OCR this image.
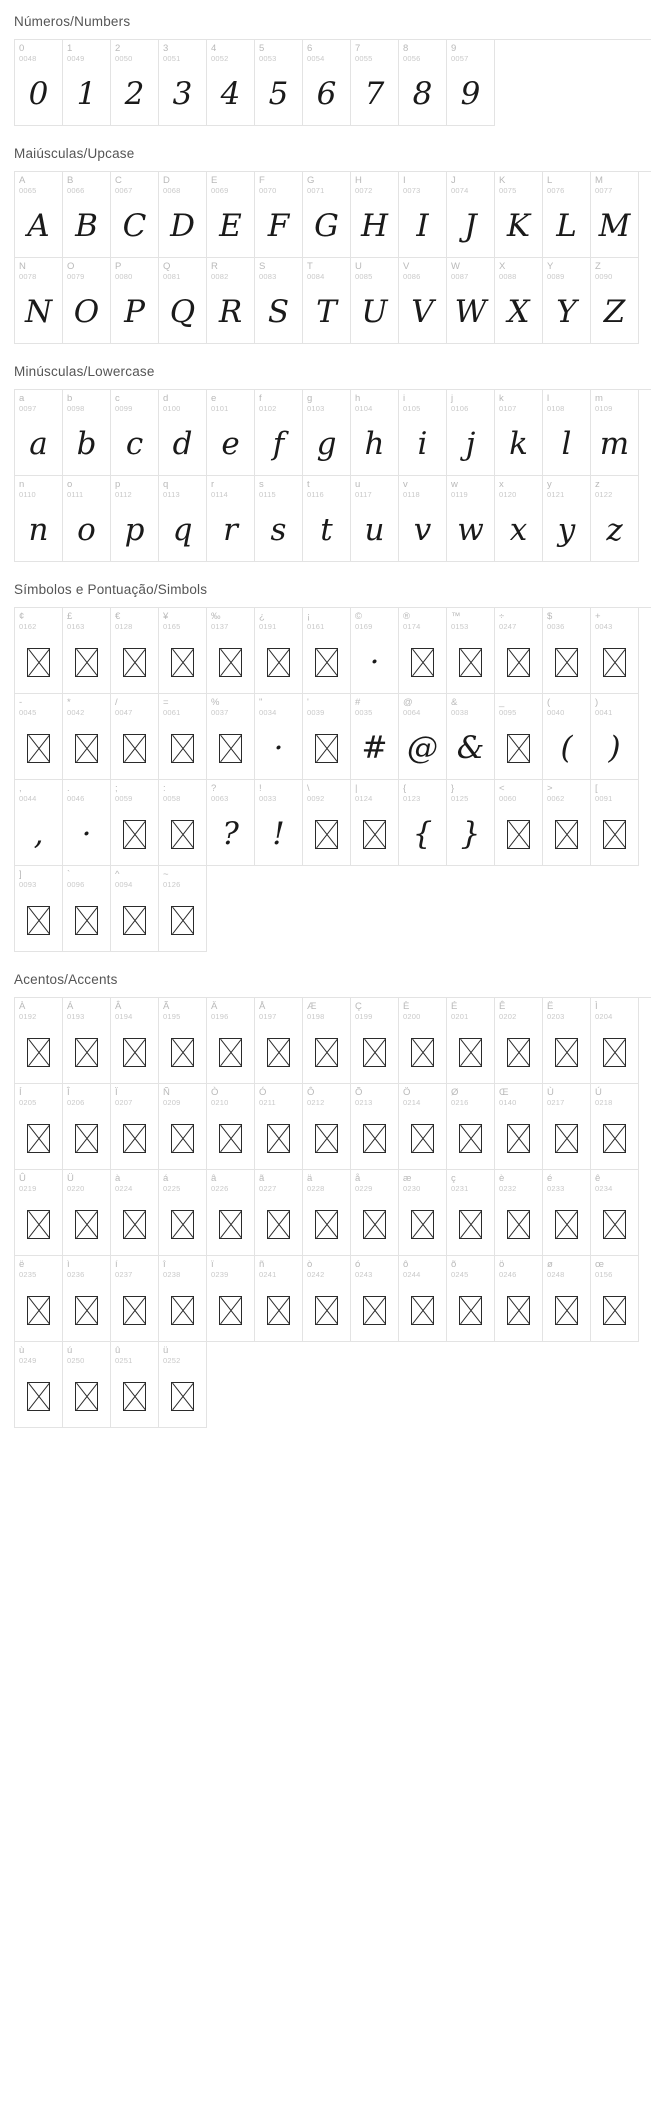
Números/Numbers
0
0048
0
1
0049
1
2
0050
2
3
0051
3
4
0052
4
5
0053
5
6
0054
6
7
0055
7
8
0056
8
9
0057
9
Maiúsculas/Upcase
A
0065
A
B
0066
B
C
0067
C
D
0068
D
E
0069
E
F
0070
F
G
0071
G
H
0072
H
I
0073
I
J
0074
J
K
0075
K
L
0076
L
M
0077
M
N
0078
N
O
0079
O
P
0080
P
Q
0081
Q
R
0082
R
S
0083
S
T
0084
T
U
0085
U
V
0086
V
W
0087
W
X
0088
X
Y
0089
Y
Z
0090
Z
Minúsculas/Lowercase
a
0097
a
b
0098
b
c
0099
c
d
0100
d
e
0101
e
f
0102
f
g
0103
g
h
0104
h
i
0105
i
j
0106
j
k
0107
k
l
0108
l
m
0109
m
n
0110
n
o
0111
o
p
0112
p
q
0113
q
r
0114
r
s
0115
s
t
0116
t
u
0117
u
v
0118
v
w
0119
w
x
0120
x
y
0121
y
z
0122
z
Símbolos e Pontuação/Simbols
¢
0162
£
0163
€
0128
¥
0165
‰
0137
¿
0191
¡
0161
©
0169
·
®
0174
™
0153
÷
0247
$
0036
+
0043
-
0045
*
0042
/
0047
=
0061
%
0037
"
0034
·
'
0039
#
0035
#
@
0064
@
&
0038
&
_
0095
(
0040
(
)
0041
)
,
0044
,
.
0046
·
;
0059
:
0058
?
0063
?
!
0033
!
\
0092
|
0124
{
0123
{
}
0125
}
<
0060
>
0062
[
0091
]
0093
`
0096
^
0094
~
0126
Acentos/Accents
À
0192
Á
0193
Â
0194
Ã
0195
Ä
0196
Å
0197
Æ
0198
Ç
0199
È
0200
É
0201
Ê
0202
Ë
0203
Ì
0204
Í
0205
Î
0206
Ï
0207
Ñ
0209
Ò
0210
Ó
0211
Ô
0212
Õ
0213
Ö
0214
Ø
0216
Œ
0140
Ù
0217
Ú
0218
Û
0219
Ü
0220
à
0224
á
0225
â
0226
ã
0227
ä
0228
å
0229
æ
0230
ç
0231
è
0232
é
0233
ê
0234
ë
0235
ì
0236
í
0237
î
0238
ï
0239
ñ
0241
ò
0242
ó
0243
ô
0244
õ
0245
ö
0246
ø
0248
œ
0156
ù
0249
ú
0250
û
0251
ü
0252
